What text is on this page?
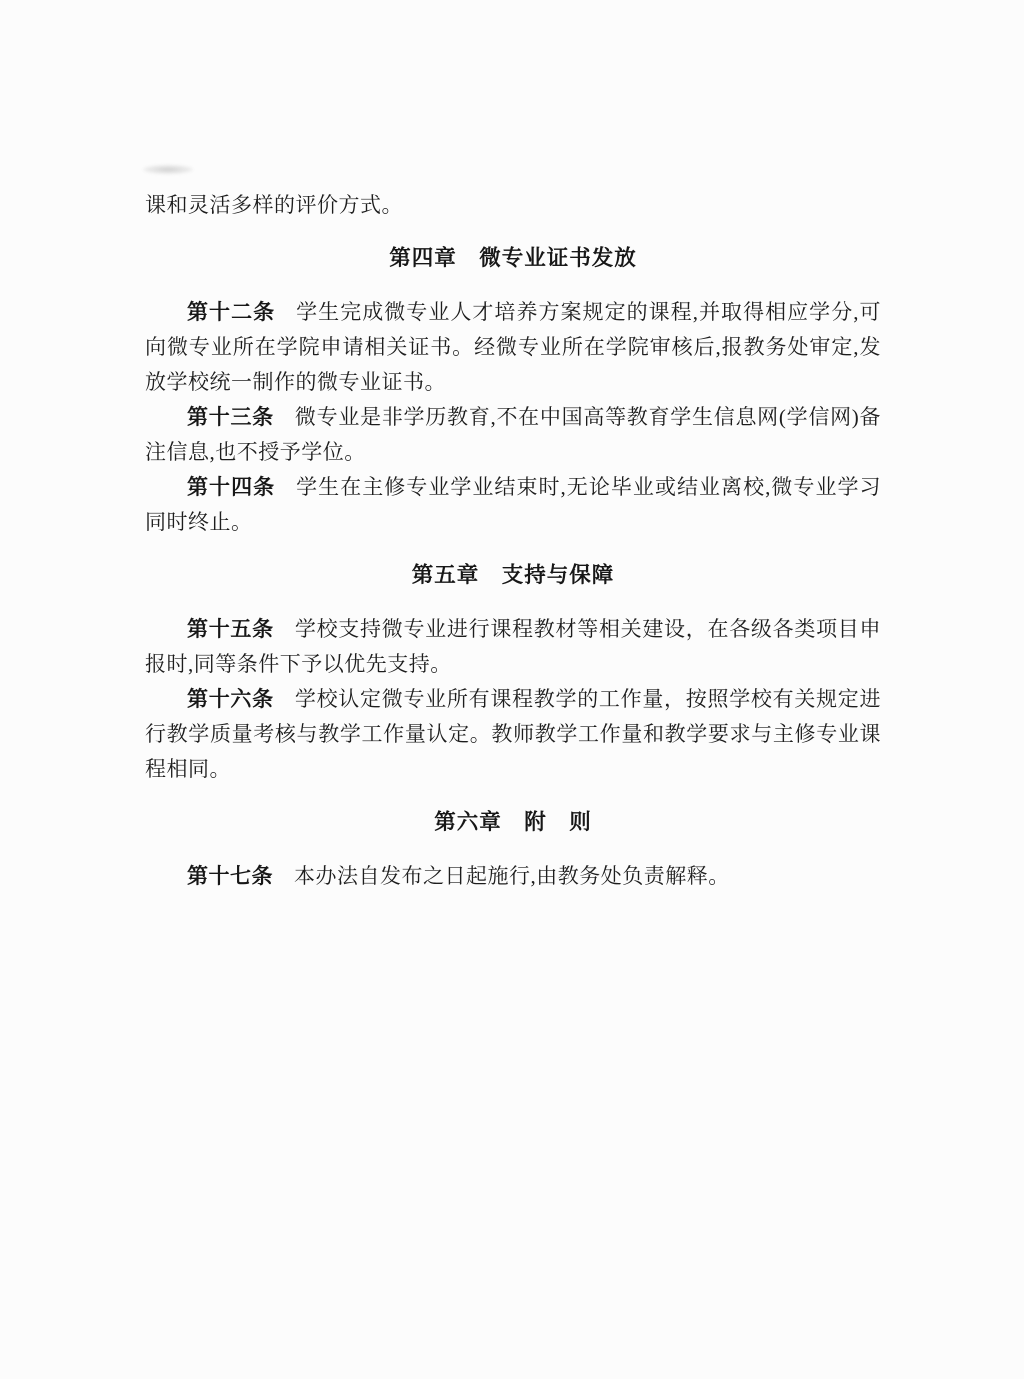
课和灵活多样的评价方式。

第四章　微专业证书发放

第十二条 学生完成微专业人才培养方案规定的课程,并取得相应学分,可向微专业所在学院申请相关证书。经微专业所在学院审核后,报教务处审定,发放学校统一制作的微专业证书。

第十三条 微专业是非学历教育,不在中国高等教育学生信息网(学信网)备注信息,也不授予学位。

第十四条 学生在主修专业学业结束时,无论毕业或结业离校,微专业学习同时终止。

第五章　支持与保障

第十五条 学校支持微专业进行课程教材等相关建设，在各级各类项目申报时,同等条件下予以优先支持。

第十六条 学校认定微专业所有课程教学的工作量，按照学校有关规定进行教学质量考核与教学工作量认定。教师教学工作量和教学要求与主修专业课程相同。

第六章　附　则

第十七条 本办法自发布之日起施行,由教务处负责解释。
